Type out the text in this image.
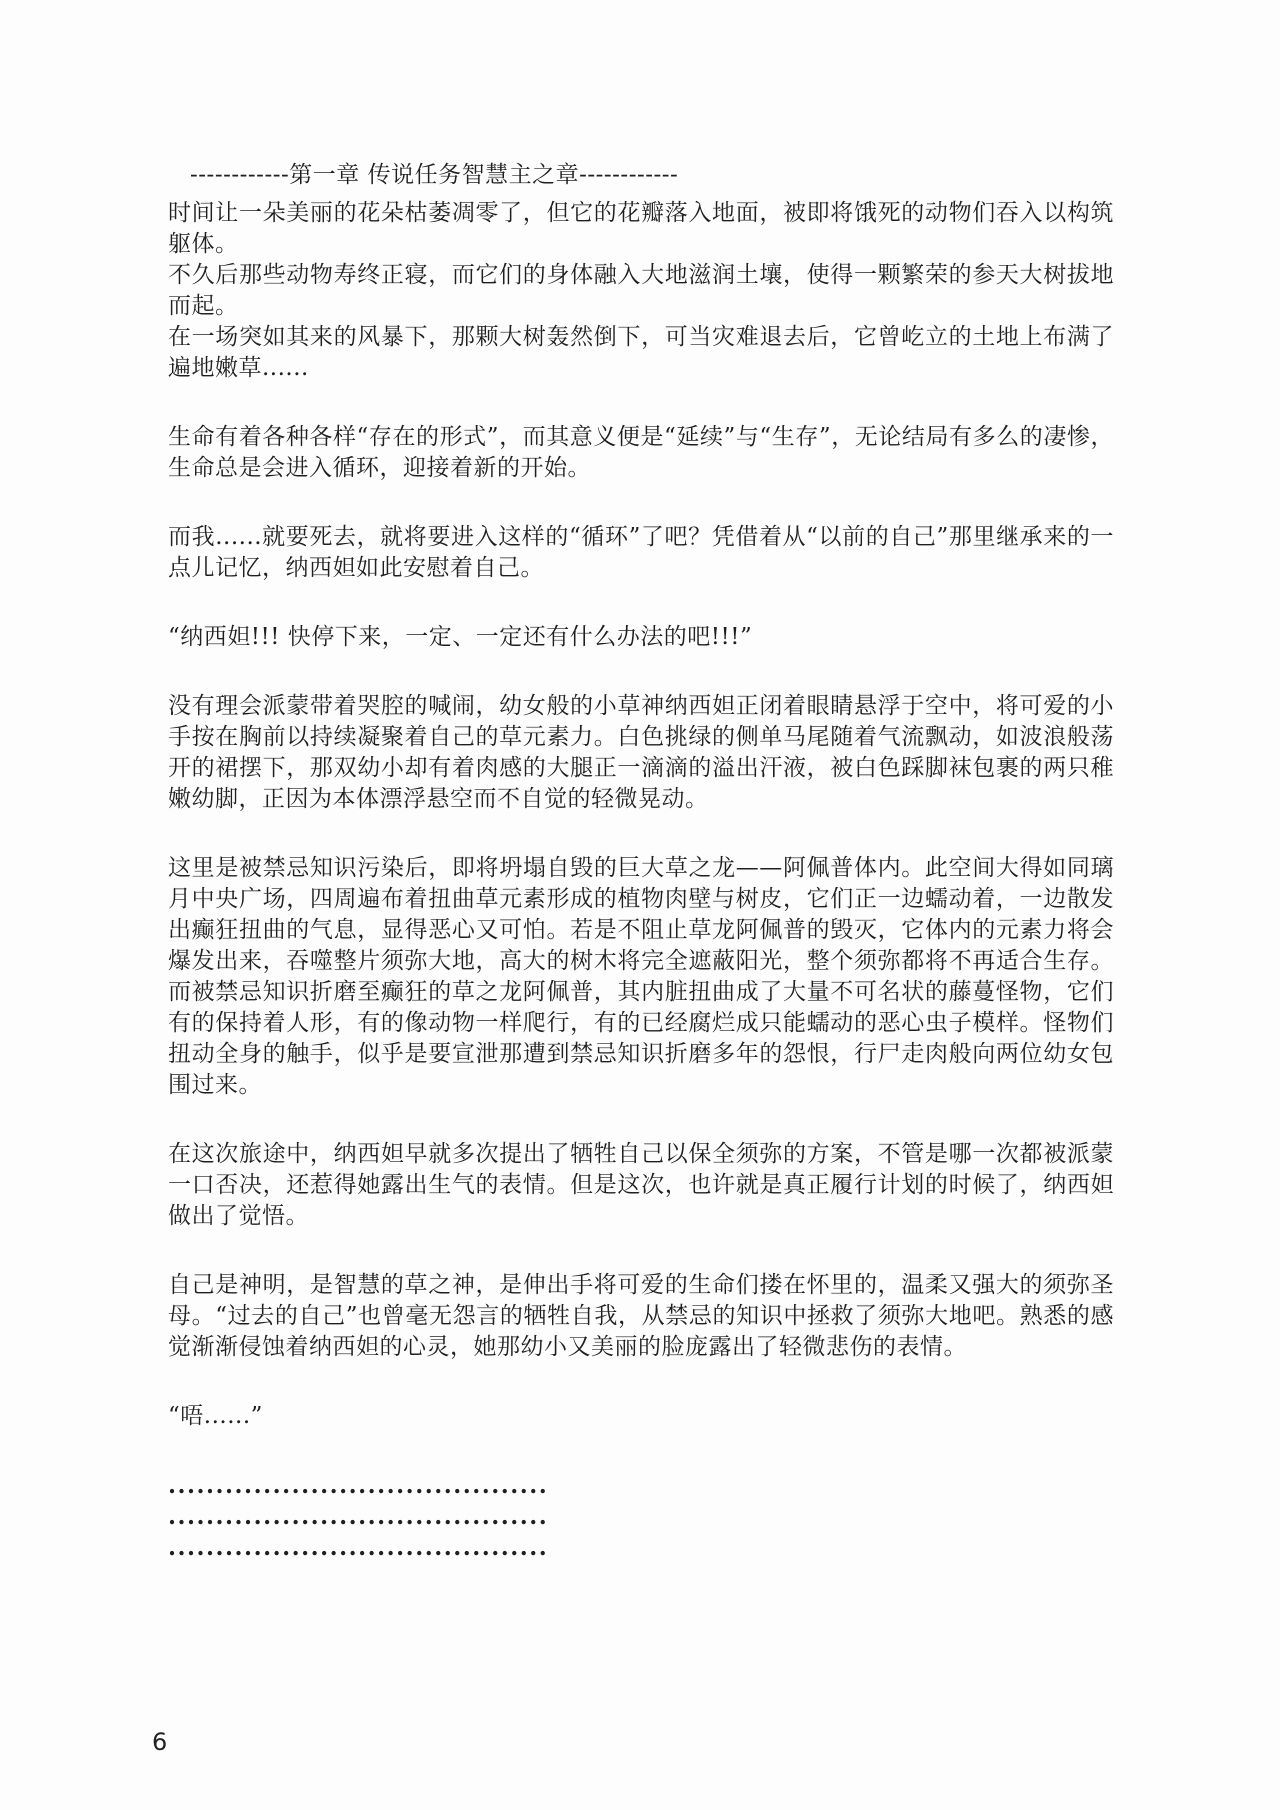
------------第一章 传说任务智慧主之章------------

时间让一朵美丽的花朵枯萎凋零了，但它的花瓣落入地面，被即将饿死的动物们吞入以构筑躯体。

不久后那些动物寿终正寝，而它们的身体融入大地滋润土壤，使得一颗繁荣的参天大树拔地而起。

在一场突如其来的风暴下，那颗大树轰然倒下，可当灾难退去后，它曾屹立的土地上布满了遍地嫩草......

生命有着各种各样“存在的形式”，而其意义便是“延续”与“生存”，无论结局有多么的凄惨，生命总是会进入循环，迎接着新的开始。

而我......就要死去，就将要进入这样的“循环”了吧？凭借着从“以前的自己”那里继承来的一点儿记忆，纳西妲如此安慰着自己。

“纳西妲!!! 快停下来，一定、一定还有什么办法的吧!!!”

没有理会派蒙带着哭腔的喊闹，幼女般的小草神纳西妲正闭着眼睛悬浮于空中，将可爱的小手按在胸前以持续凝聚着自己的草元素力。白色挑绿的侧单马尾随着气流飘动，如波浪般荡开的裙摆下，那双幼小却有着肉感的大腿正一滴滴的溢出汗液，被白色踩脚袜包裹的两只稚嫩幼脚，正因为本体漂浮悬空而不自觉的轻微晃动。

这里是被禁忌知识污染后，即将坍塌自毁的巨大草之龙——阿佩普体内。此空间大得如同璃月中央广场，四周遍布着扭曲草元素形成的植物肉壁与树皮，它们正一边蠕动着，一边散发出癫狂扭曲的气息，显得恶心又可怕。若是不阻止草龙阿佩普的毁灭，它体内的元素力将会爆发出来，吞噬整片须弥大地，高大的树木将完全遮蔽阳光，整个须弥都将不再适合生存。而被禁忌知识折磨至癫狂的草之龙阿佩普，其内脏扭曲成了大量不可名状的藤蔓怪物，它们有的保持着人形，有的像动物一样爬行，有的已经腐烂成只能蠕动的恶心虫子模样。怪物们扭动全身的触手，似乎是要宣泄那遭到禁忌知识折磨多年的怨恨，行尸走肉般向两位幼女包围过来。

在这次旅途中，纳西妲早就多次提出了牺牲自己以保全须弥的方案，不管是哪一次都被派蒙一口否决，还惹得她露出生气的表情。但是这次，也许就是真正履行计划的时候了，纳西妲做出了觉悟。

自己是神明，是智慧的草之神，是伸出手将可爱的生命们搂在怀里的，温柔又强大的须弥圣母。“过去的自己”也曾毫无怨言的牺牲自我，从禁忌的知识中拯救了须弥大地吧。熟悉的感觉渐渐侵蚀着纳西妲的心灵，她那幼小又美丽的脸庞露出了轻微悲伤的表情。

“唔......”

........................................

........................................

........................................

6
